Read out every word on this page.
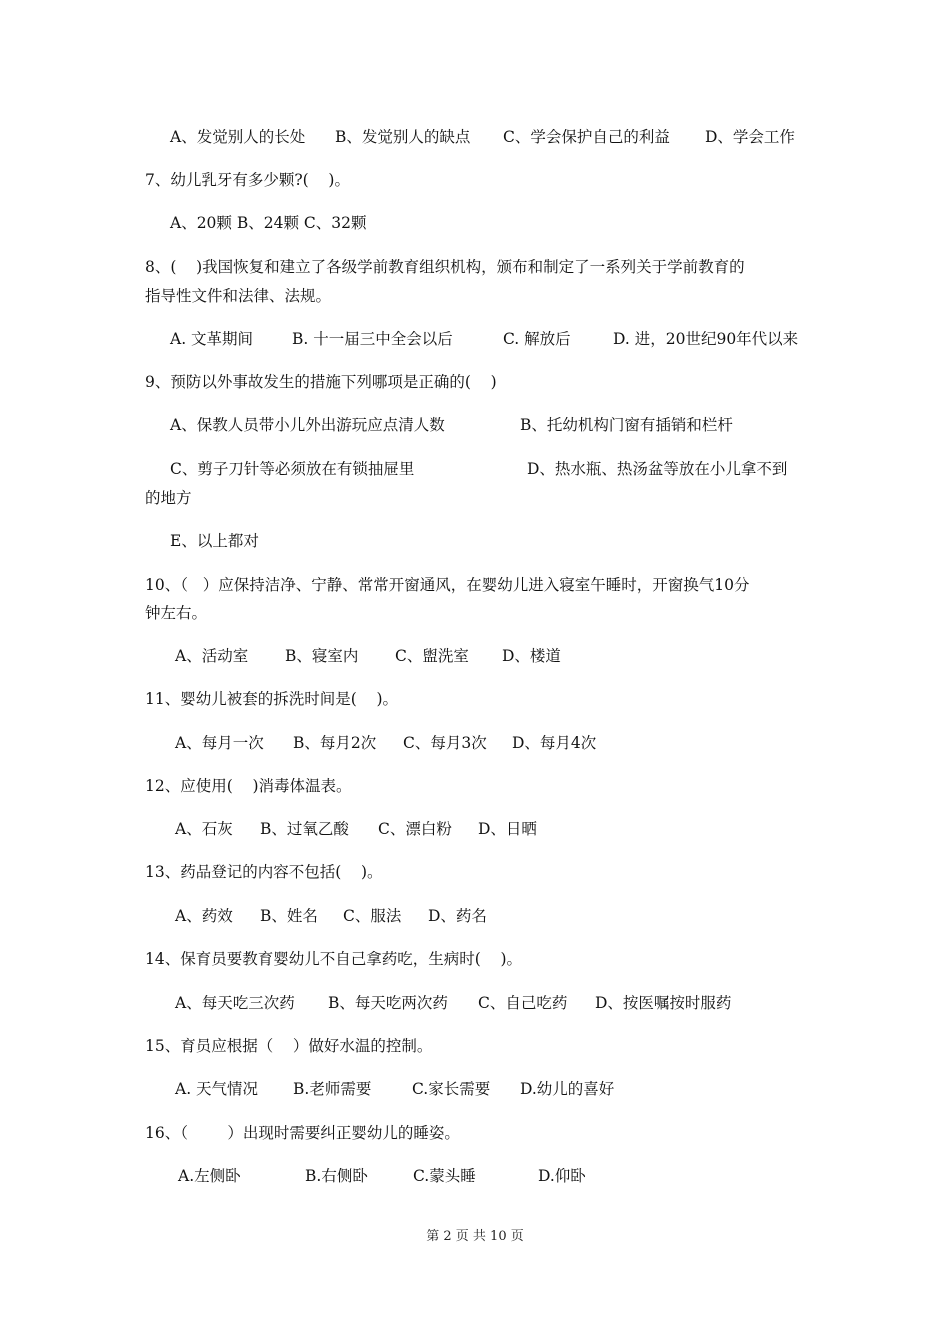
A、发觉别人的长处 B、发觉别人的缺点 C、学会保护自己的利益 D、学会工作
7、幼儿乳牙有多少颗?(    )。
A、20颗 B、24颗 C、32颗
8、(    )我国恢复和建立了各级学前教育组织机构，颁布和制定了一系列关于学前教育的
指导性文件和法律、法规。
A. 文革期间	B. 十一届三中全会以后	C. 解放后	D. 进，20世纪90年代以来
9、预防以外事故发生的措施下列哪项是正确的(    )
A、保教人员带小儿外出游玩应点清人数	B、托幼机构门窗有插销和栏杆
C、剪子刀针等必须放在有锁抽屉里	D、热水瓶、热汤盆等放在小儿拿不到
的地方
E、以上都对
10、（   ）应保持洁净、宁静、常常开窗通风，在婴幼儿进入寝室午睡时，开窗换气10分
钟左右。
A、活动室 B、寝室内 C、盥洗室 D、楼道
11、婴幼儿被套的拆洗时间是(    )。
A、每月一次 B、每月2次 C、每月3次 D、每月4次
12、应使用(    )消毒体温表。
A、石灰 B、过氧乙酸 C、漂白粉 D、日晒
13、药品登记的内容不包括(    )。
A、药效 B、姓名 C、服法 D、药名
14、保育员要教育婴幼儿不自己拿药吃，生病时(    )。
A、每天吃三次药 B、每天吃两次药 C、自己吃药 D、按医嘱按时服药
15、育员应根据（    ）做好水温的控制。
A. 天气情况 B.老师需要	C.家长需要 D.幼儿的喜好
16、（        ）出现时需要纠正婴幼儿的睡姿。
A.左侧卧	B.右侧卧	C.蒙头睡	D.仰卧
第 2 页 共 10 页
